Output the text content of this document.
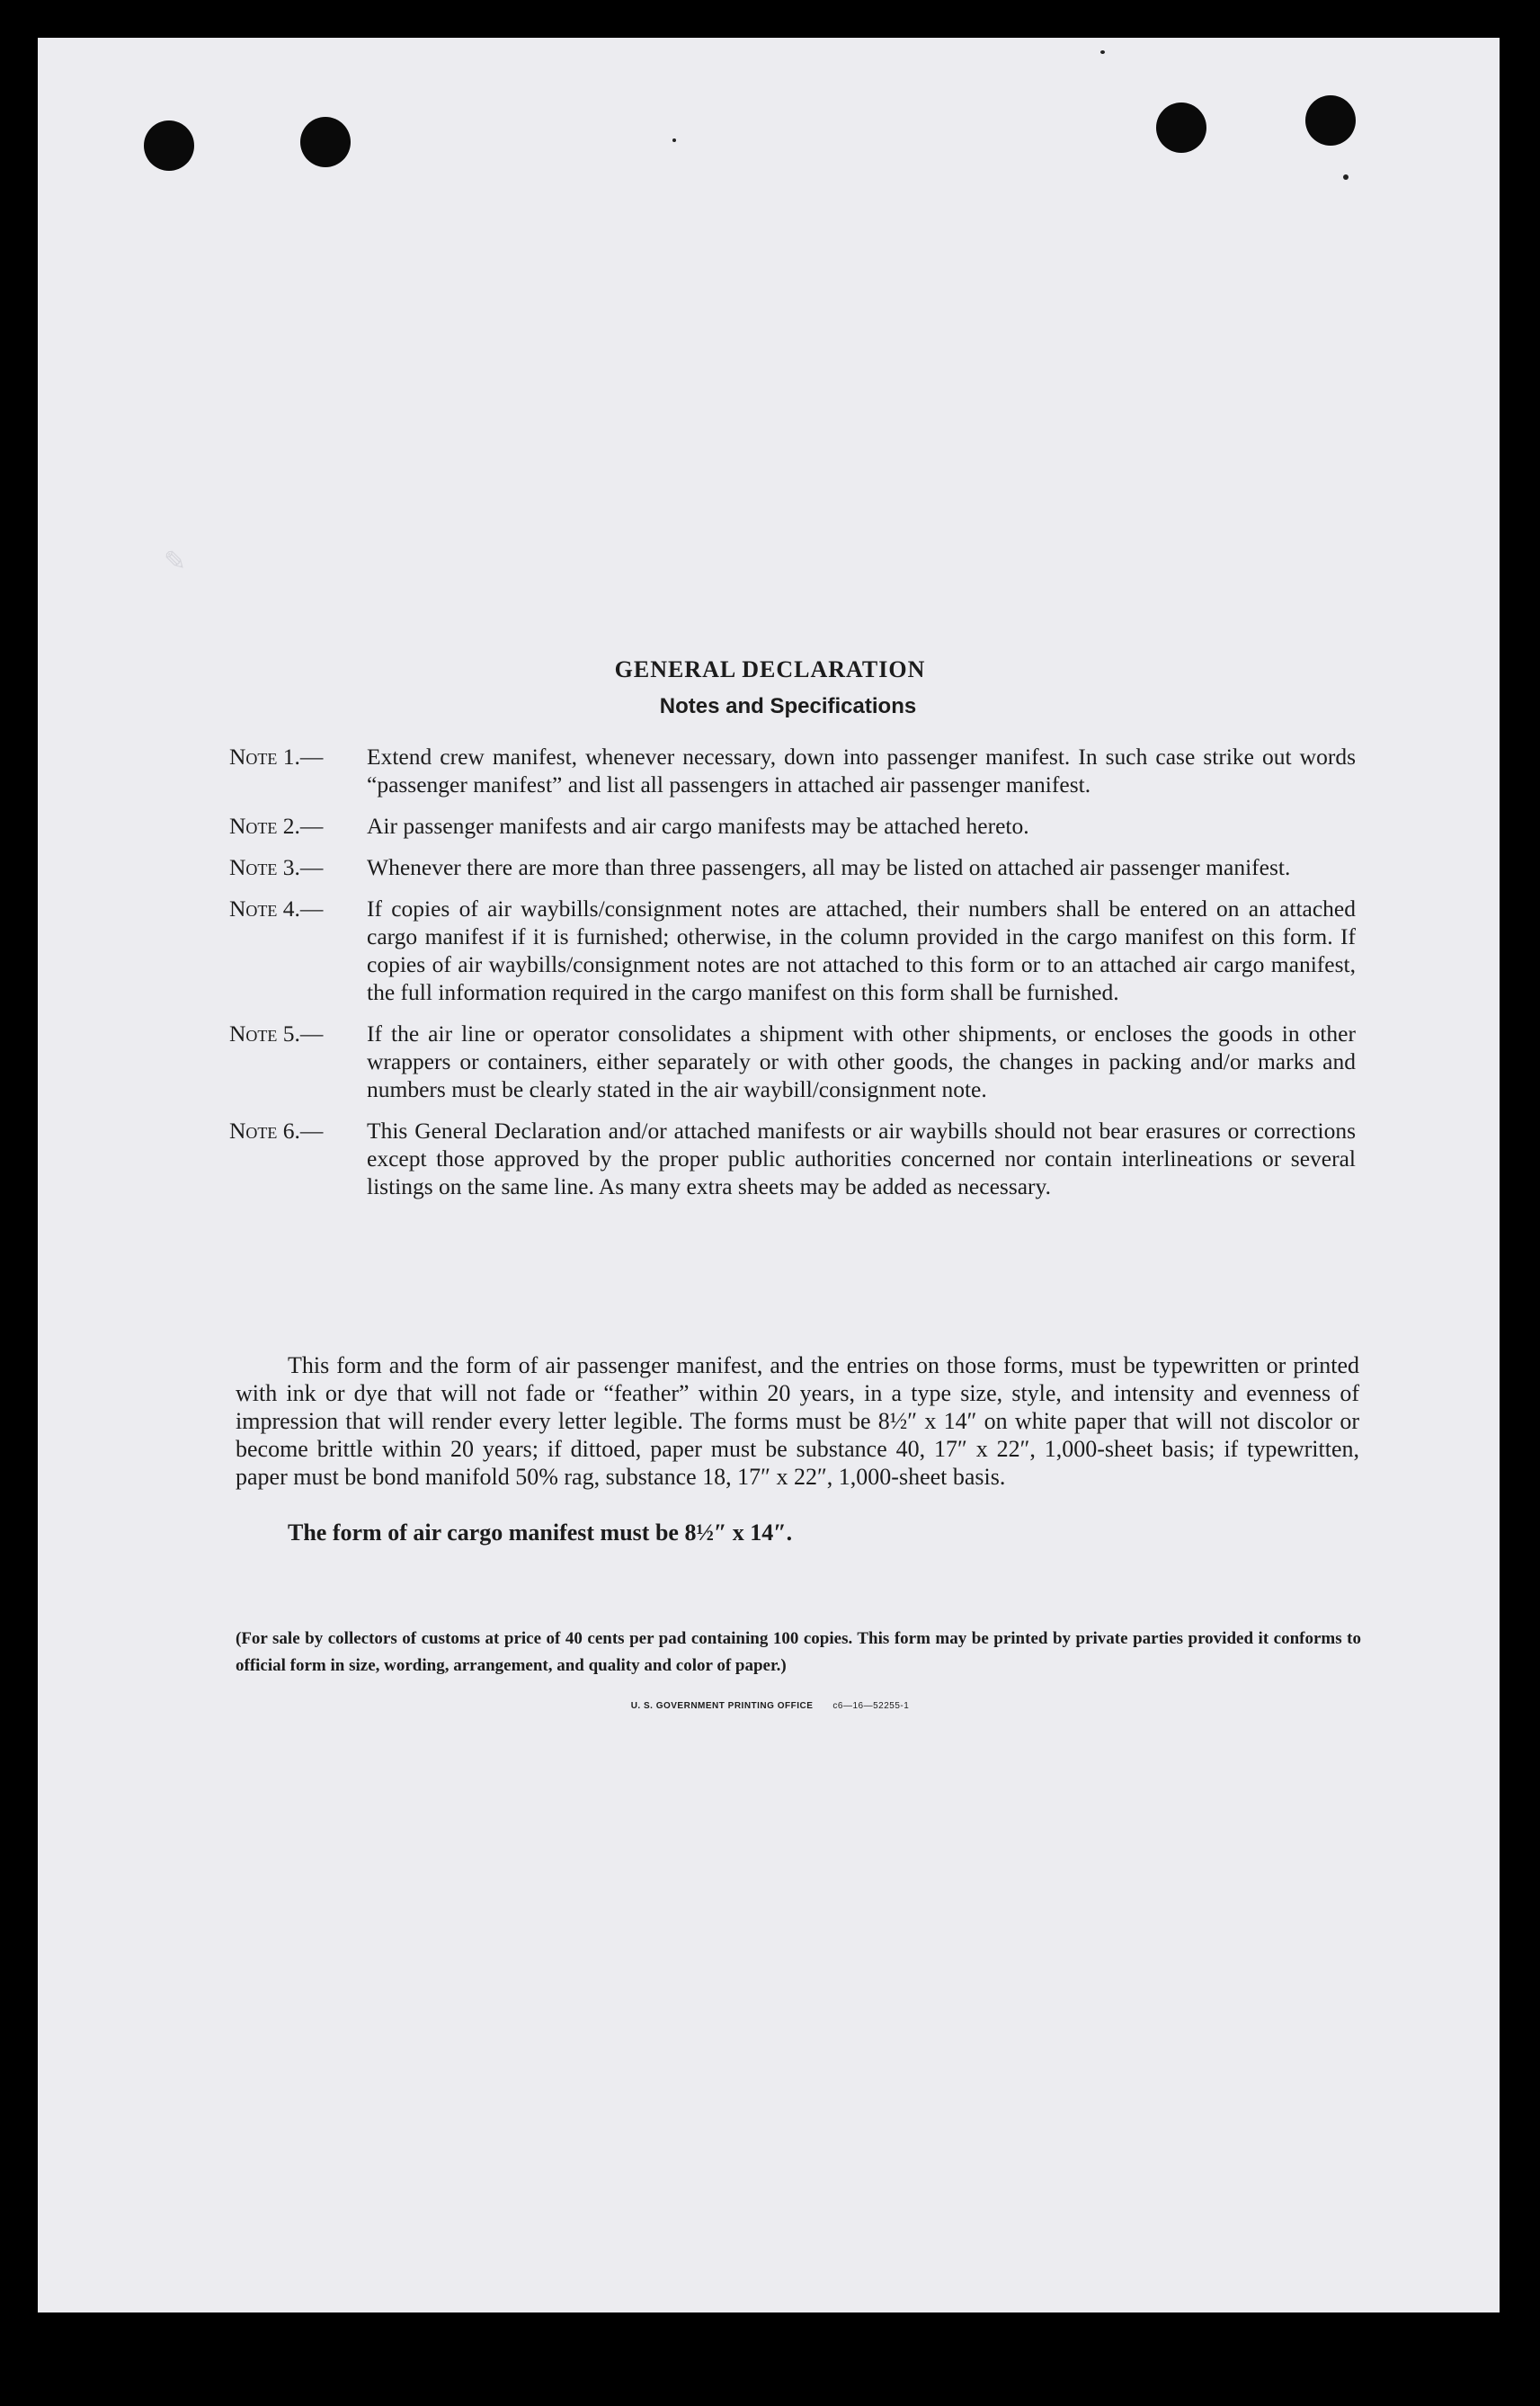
✎
GENERAL DECLARATION
Notes and Specifications
Note 1.—	Extend crew manifest, whenever necessary, down into passenger manifest. In such case strike out words “passenger manifest” and list all passengers in attached air passenger manifest.
Note 2.—	Air passenger manifests and air cargo manifests may be attached hereto.
Note 3.—	Whenever there are more than three passengers, all may be listed on attached air passenger manifest.
Note 4.—	If copies of air waybills/consignment notes are attached, their numbers shall be entered on an attached cargo manifest if it is furnished; otherwise, in the column provided in the cargo manifest on this form. If copies of air waybills/consignment notes are not attached to this form or to an attached air cargo manifest, the full information required in the cargo manifest on this form shall be furnished.
Note 5.—	If the air line or operator consolidates a shipment with other shipments, or encloses the goods in other wrappers or containers, either separately or with other goods, the changes in packing and/or marks and numbers must be clearly stated in the air waybill/consignment note.
Note 6.—	This General Declaration and/or attached manifests or air waybills should not bear erasures or corrections except those approved by the proper public authorities concerned nor contain interlineations or several listings on the same line. As many extra sheets may be added as necessary.

This form and the form of air passenger manifest, and the entries on those forms, must be typewritten or printed with ink or dye that will not fade or “feather” within 20 years, in a type size, style, and intensity and evenness of impression that will render every letter legible. The forms must be 8½″ x 14″ on white paper that will not discolor or become brittle within 20 years; if dittoed, paper must be substance 40, 17″ x 22″, 1,000-sheet basis; if typewritten, paper must be bond manifold 50% rag, substance 18, 17″ x 22″, 1,000-sheet basis.

The form of air cargo manifest must be 8½″ x 14″.

(For sale by collectors of customs at price of 40 cents per pad containing 100 copies. This form may be printed by private parties provided it conforms to official form in size, wording, arrangement, and quality and color of paper.)

U. S. GOVERNMENT PRINTING OFFICE c6—16—52255-1
